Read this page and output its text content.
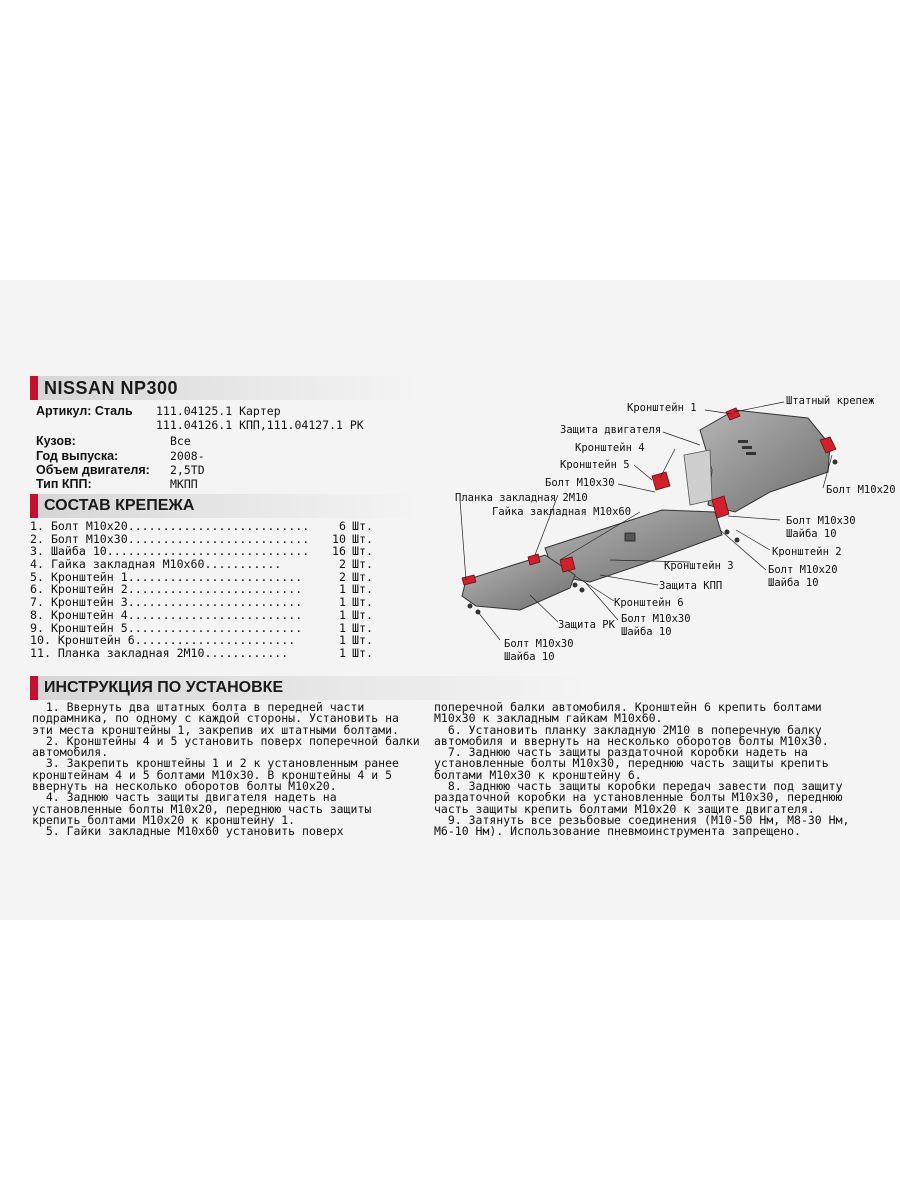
NISSAN NP300
Артикул: Сталь 111.04125.1 Картер
111.04126.1 КПП,111.04127.1 РК
Кузов:	Все
Год выпуска:	2008-
Объем двигателя: 2,5TD
Тип КПП:	МКПП
СОСТАВ КРЕПЕЖА
1. Болт М10х20..........................	6 Шт.
2. Болт М10х30..........................	10 Шт.
3. Шайба 10.............................	16 Шт.
4. Гайка закладная М10х60...........	2 Шт.
5. Кронштейн 1.........................	2 Шт.
6. Кронштейн 2.........................	1 Шт.
7. Кронштейн 3.........................	1 Шт.
8. Кронштейн 4.........................	1 Шт.
9. Кронштейн 5.........................	1 Шт.
10. Кронштейн 6.......................	1 Шт.
11. Планка закладная 2М10............	1 Шт.
ИНСТРУКЦИЯ ПО УСТАНОВКЕ
1. Ввернуть два штатных болта в передней части
подрамника, по одному с каждой стороны. Установить на
эти места кронштейны 1, закрепив их штатными болтами.
2. Кронштейны 4 и 5 установить поверх поперечной балки
автомобиля.
3. Закрепить кронштейны 1 и 2 к установленным ранее
кронштейнам 4 и 5 болтами М10х30. В кронштейны 4 и 5
ввернуть на несколько оборотов болты М10х20.
4. Заднюю часть защиты двигателя надеть на
установленные болты М10х20, переднюю часть защиты
крепить болтами М10х20 к кронштейну 1.
5. Гайки закладные М10х60 установить поверх
поперечной балки автомобиля. Кронштейн 6 крепить болтами
М10х30 к закладным гайкам М10х60.
6. Установить планку закладную 2М10 в поперечную балку
автомобиля и ввернуть на несколько оборотов болты М10х30.
7. Заднюю часть защиты раздаточной коробки надеть на
установленные болты М10х30, переднюю часть защиты крепить
болтами М10х30 к кронштейну 6.
8. Заднюю часть защиты коробки передач завести под защиту
раздаточной коробки на установленные болты М10х30, переднюю
часть защиты крепить болтами М10х20 к защите двигателя.
9. Затянуть все резьбовые соединения (М10-50 Нм, М8-30 Нм,
М6-10 Нм). Использование пневмоинструмента запрещено.
Кронштейн 1
Штатный крепеж
Защита двигателя
Кронштейн 4
Кронштейн 5
Болт М10х30
Планка закладная 2М10
Гайка закладная М10х60
Болт М10х20
Болт М10х30
Шайба 10
Кронштейн 2
Кронштейн 3	Болт М10х20
Шайба 10
Защита КПП
Кронштейн 6
Болт М10х30
Шайба 10
Защита РК
Болт М10х30
Шайба 10
